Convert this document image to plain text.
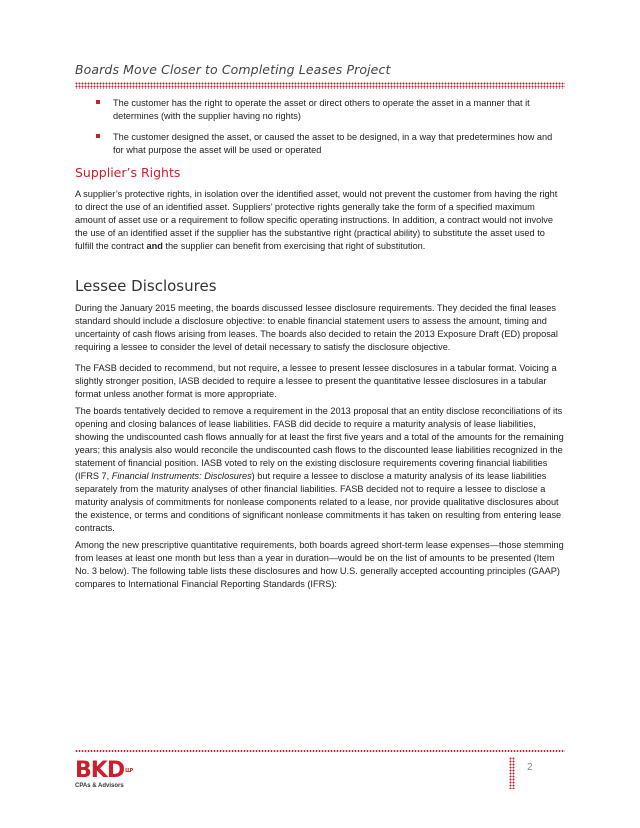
Boards Move Closer to Completing Leases Project
The customer has the right to operate the asset or direct others to operate the asset in a manner that it determines (with the supplier having no rights)
The customer designed the asset, or caused the asset to be designed, in a way that predetermines how and for what purpose the asset will be used or operated
Supplier’s Rights
A supplier’s protective rights, in isolation over the identified asset, would not prevent the customer from having the right to direct the use of an identified asset. Suppliers’ protective rights generally take the form of a specified maximum amount of asset use or a requirement to follow specific operating instructions. In addition, a contract would not involve the use of an identified asset if the supplier has the substantive right (practical ability) to substitute the asset used to fulfill the contract and the supplier can benefit from exercising that right of substitution.
Lessee Disclosures
During the January 2015 meeting, the boards discussed lessee disclosure requirements. They decided the final leases standard should include a disclosure objective: to enable financial statement users to assess the amount, timing and uncertainty of cash flows arising from leases. The boards also decided to retain the 2013 Exposure Draft (ED) proposal requiring a lessee to consider the level of detail necessary to satisfy the disclosure objective.
The FASB decided to recommend, but not require, a lessee to present lessee disclosures in a tabular format. Voicing a slightly stronger position, IASB decided to require a lessee to present the quantitative lessee disclosures in a tabular format unless another format is more appropriate.
The boards tentatively decided to remove a requirement in the 2013 proposal that an entity disclose reconciliations of its opening and closing balances of lease liabilities. FASB did decide to require a maturity analysis of lease liabilities, showing the undiscounted cash flows annually for at least the first five years and a total of the amounts for the remaining years; this analysis also would reconcile the undiscounted cash flows to the discounted lease liabilities recognized in the statement of financial position. IASB voted to rely on the existing disclosure requirements covering financial liabilities (IFRS 7, Financial Instruments: Disclosures) but require a lessee to disclose a maturity analysis of its lease liabilities separately from the maturity analyses of other financial liabilities. FASB decided not to require a lessee to disclose a maturity analysis of commitments for nonlease components related to a lease, nor provide qualitative disclosures about the existence, or terms and conditions of significant nonlease commitments it has taken on resulting from entering lease contracts.
Among the new prescriptive quantitative requirements, both boards agreed short-term lease expenses—those stemming from leases at least one month but less than a year in duration—would be on the list of amounts to be presented (Item No. 3 below). The following table lists these disclosures and how U.S. generally accepted accounting principles (GAAP) compares to International Financial Reporting Standards (IFRS):
$BKD^{LLP}$
CPAs & Advisors
2
